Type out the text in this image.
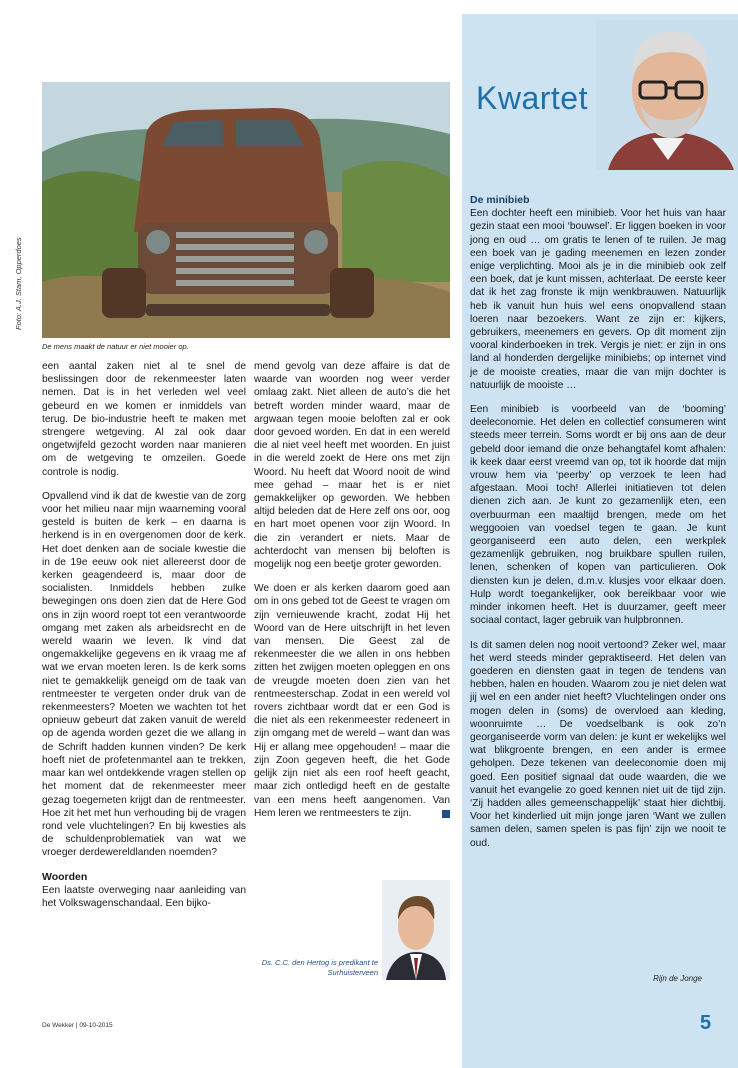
Kwartet
Foto: A.J. Stam, Opperdoes
De mens maakt de natuur er niet mooier op.

een aantal zaken niet al te snel de beslissingen door de rekenmeester laten nemen. Dat is in het verleden wel veel gebeurd en we komen er inmiddels van terug. De bio-industrie heeft te maken met strengere wetgeving. Al zal ook daar ongetwijfeld gezocht worden naar manieren om de wetgeving te omzeilen. Goede controle is nodig.

Opvallend vind ik dat de kwestie van de zorg voor het milieu naar mijn waarneming vooral gesteld is buiten de kerk – en daarna is herkend is in en overgenomen door de kerk. Het doet denken aan de sociale kwestie die in de 19e eeuw ook niet allereerst door de kerken geagendeerd is, maar door de socialisten. Inmiddels hebben zulke bewegingen ons doen zien dat de Here God ons in zijn woord roept tot een verantwoorde omgang met zaken als arbeidsrecht en de wereld waarin we leven. Ik vind dat ongemakkelijke gegevens en ik vraag me af wat we ervan moeten leren. Is de kerk soms niet te gemakkelijk geneigd om de taak van rentmeester te vergeten onder druk van de rekenmeesters? Moeten we wachten tot het opnieuw gebeurt dat zaken vanuit de wereld op de agenda worden gezet die we allang in de Schrift hadden kunnen vinden? De kerk hoeft niet de profetenmantel aan te trekken, maar kan wel ontdekkende vragen stellen op het moment dat de rekenmeester meer gezag toegemeten krijgt dan de rentmeester. Hoe zit het met hun verhouding bij de vragen rond vele vluchtelingen? En bij kwesties als de schuldenproblematiek van wat we vroeger derdewereldlanden noemden?

Woorden

Een laatste overweging naar aanleiding van het Volkswagenschandaal. Een bijko-

mend gevolg van deze affaire is dat de waarde van woorden nog weer verder omlaag zakt. Niet alleen de auto’s die het betreft worden minder waard, maar de argwaan tegen mooie beloften zal er ook door gevoed worden. En dat in een wereld die al niet veel heeft met woorden. En juist in die wereld zoekt de Here ons met zijn Woord. Nu heeft dat Woord nooit de wind mee gehad – maar het is er niet gemakkelijker op geworden. We hebben altijd beleden dat de Here zelf ons oor, oog en hart moet openen voor zijn Woord. In die zin verandert er niets. Maar de achterdocht van mensen bij beloften is mogelijk nog een beetje groter geworden.

We doen er als kerken daarom goed aan om in ons gebed tot de Geest te vragen om zijn vernieuwende kracht, zodat Hij het Woord van de Here uitschrijft in het leven van mensen. Die Geest zal de rekenmeester die we allen in ons hebben zitten het zwijgen moeten opleggen en ons de vreugde moeten doen zien van het rentmeesterschap. Zodat in een wereld vol rovers zichtbaar wordt dat er een God is die niet als een rekenmeester redeneert in zijn omgang met de wereld – want dan was Hij er allang mee opgehouden! – maar die zijn Zoon gegeven heeft, die het Gode gelijk zijn niet als een roof heeft geacht, maar zich ontledigd heeft en de gestalte van een mens heeft aangenomen. Van Hem leren we rentmeesters te zijn.

Ds. C.C. den Hertog is predikant te Surhuisterveen
De minibieb

Een dochter heeft een minibieb. Voor het huis van haar gezin staat een mooi ‘bouwsel’. Er liggen boeken in voor jong en oud … om gratis te lenen of te ruilen. Je mag een boek van je gading meenemen en lezen zonder enige verplichting. Mooi als je in die minibieb ook zelf een boek, dat je kunt missen, achterlaat. De eerste keer dat ik het zag fronste ik mijn wenkbrauwen. Natuurlijk heb ik vanuit hun huis wel eens onopvallend staan loeren naar bezoekers. Want ze zijn er: kijkers, gebruikers, meenemers en gevers. Op dit moment zijn vooral kinderboeken in trek. Vergis je niet: er zijn in ons land al honderden dergelijke minibiebs; op internet vind je de mooiste creaties, maar die van mijn dochter is natuurlijk de mooiste …

Een minibieb is voorbeeld van de ‘booming’ deeleconomie. Het delen en collectief consumeren wint steeds meer terrein. Soms wordt er bij ons aan de deur gebeld door iemand die onze behangtafel komt afhalen: ik keek daar eerst vreemd van op, tot ik hoorde dat mijn vrouw hem via ‘peerby’ op verzoek te leen had afgestaan. Mooi toch! Allerlei initiatieven tot delen dienen zich aan. Je kunt zo gezamenlijk eten, een overbuurman een maaltijd brengen, mede om het weggooien van voedsel tegen te gaan. Je kunt georganiseerd een auto delen, een werkplek gezamenlijk gebruiken, nog bruikbare spullen ruilen, lenen, schenken of kopen van particulieren. Ook diensten kun je delen, d.m.v. klusjes voor elkaar doen. Hulp wordt toegankelijker, ook bereikbaar voor wie minder inkomen heeft. Het is duurzamer, geeft meer sociaal contact, lager gebruik van hulpbronnen.

Is dit samen delen nog nooit vertoond? Zeker wel, maar het werd steeds minder gepraktiseerd. Het delen van goederen en diensten gaat in tegen de tendens van hebben, halen en houden. Waarom zou je niet delen wat jij wel en een ander niet heeft? Vluchtelingen onder ons mogen delen in (soms) de overvloed aan kleding, woonruimte … De voedselbank is ook zo’n georganiseerde vorm van delen: je kunt er wekelijks wel wat blikgroente brengen, en een ander is ermee geholpen. Deze tekenen van deeleconomie doen mij goed. Een positief signaal dat oude waarden, die we vanuit het evangelie zo goed kennen niet uit de tijd zijn. ‘Zij hadden alles gemeenschappelijk’ staat hier dichtbij. Voor het kinderlied uit mijn jonge jaren ‘Want we zullen samen delen, samen spelen is pas fijn’ zijn we nooit te oud.

Rijn de Jonge
De Wekker | 09-10-2015	5
